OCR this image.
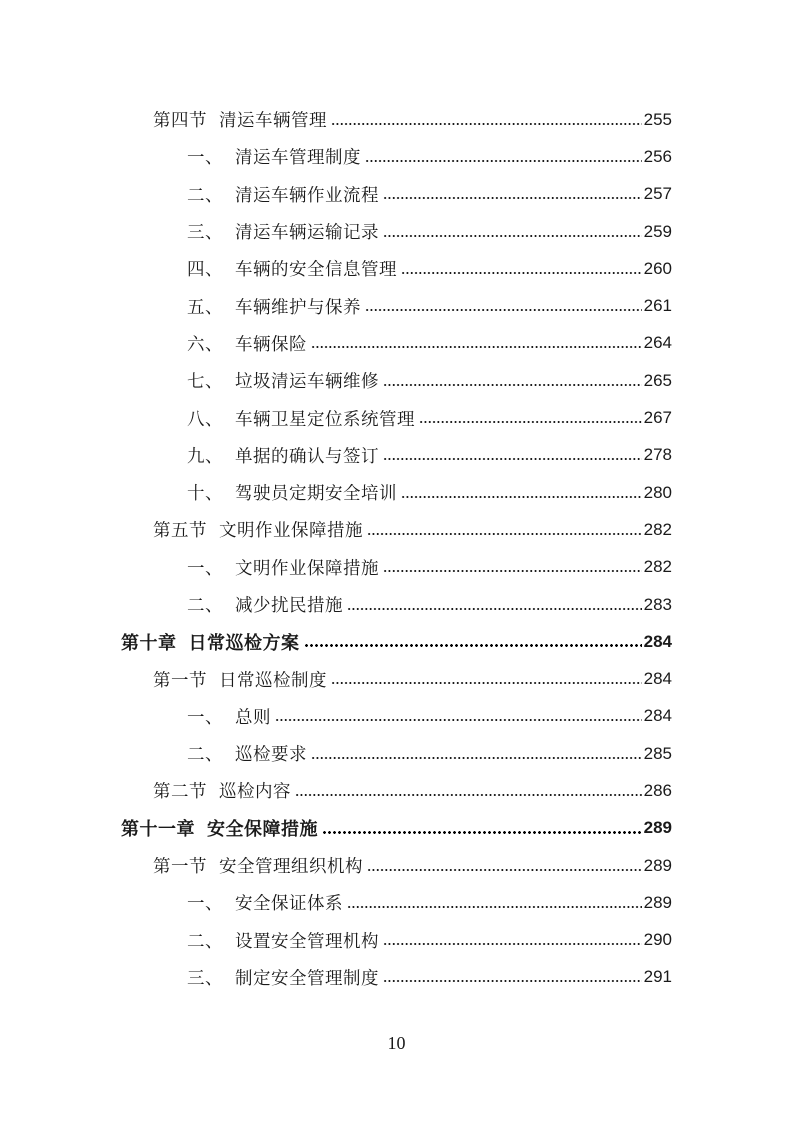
第四节 清运车辆管理	255
一、 清运车管理制度	256
二、 清运车辆作业流程	257
三、 清运车辆运输记录	259
四、 车辆的安全信息管理	260
五、 车辆维护与保养	261
六、 车辆保险	264
七、 垃圾清运车辆维修	265
八、 车辆卫星定位系统管理	267
九、 单据的确认与签订	278
十、 驾驶员定期安全培训	280
第五节 文明作业保障措施	282
一、 文明作业保障措施	282
二、 减少扰民措施	283
第十章 日常巡检方案	284
第一节 日常巡检制度	284
一、 总则	284
二、 巡检要求	285
第二节 巡检内容	286
第十一章 安全保障措施	289
第一节 安全管理组织机构	289
一、 安全保证体系	289
二、 设置安全管理机构	290
三、 制定安全管理制度	291
10
